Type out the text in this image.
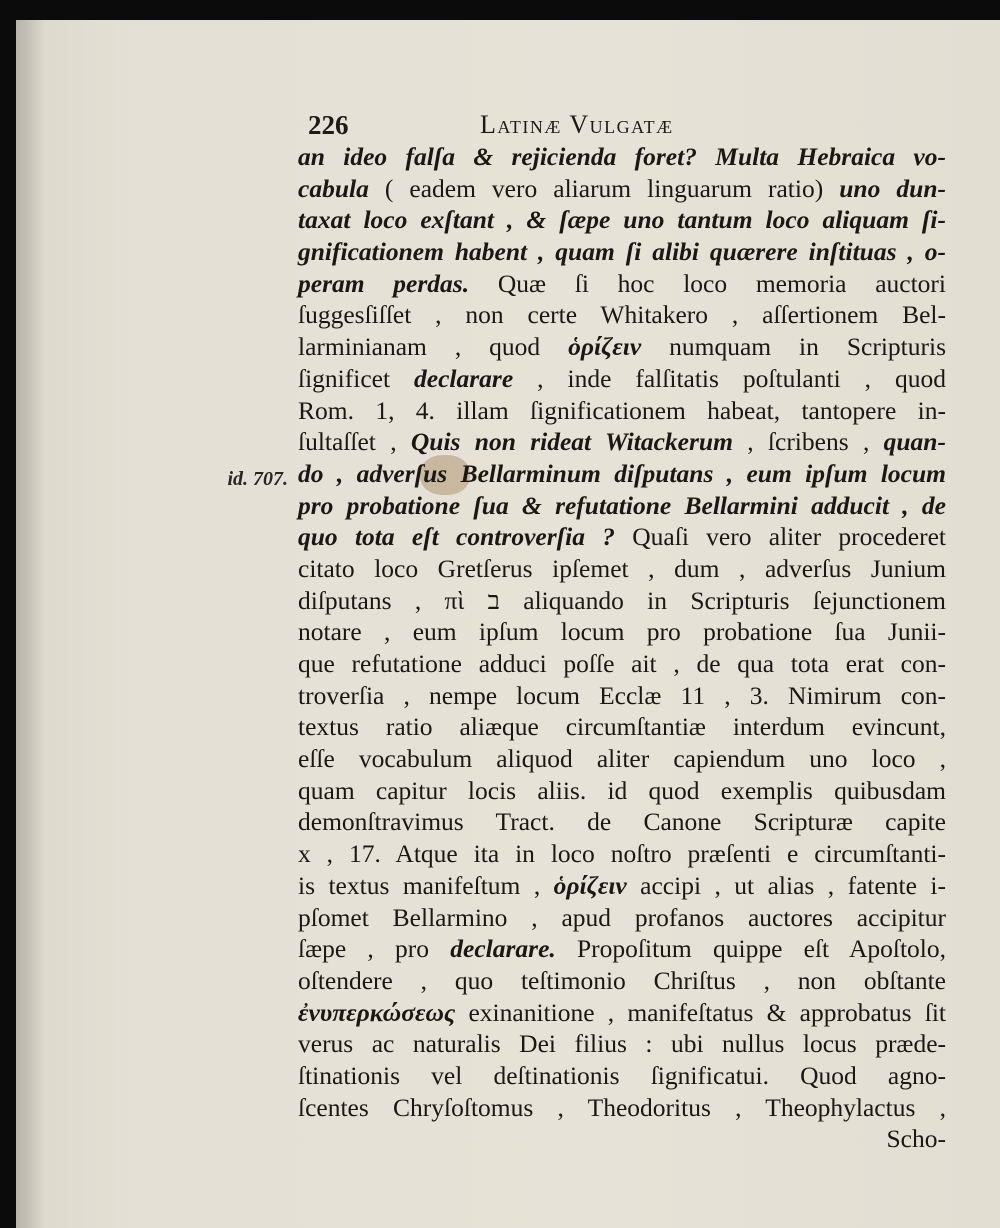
226	Latinæ Vulgatæ
id. 707.
an ideo falſa & rejicienda foret? Multa Hebraica vo-
cabula ( eadem vero aliarum linguarum ratio) uno dun-
taxat loco exſtant , & ſæpe uno tantum loco aliquam ſi-
gnificationem habent , quam ſi alibi quærere inſtituas , o-
peram perdas. Quæ ſi hoc loco memoria auctori
ſuggesſiſſet , non certe Whitakero , aſſertionem Bel-
larminianam , quod ὁρίζειν numquam in Scripturis
ſignificet declarare , inde falſitatis poſtulanti , quod
Rom. 1, 4. illam ſignificationem habeat, tantopere in-
ſultaſſet , Quis non rideat Witackerum , ſcribens , quan-
do , adverſus Bellarminum diſputans , eum ipſum locum
pro probatione ſua & refutatione Bellarmini adducit , de
quo tota eſt controverſia ? Quaſi vero aliter procederet
citato loco Gretſerus ipſemet , dum , adverſus Junium
diſputans , πὶ ב aliquando in Scripturis ſejunctionem
notare , eum ipſum locum pro probatione ſua Junii-
que refutatione adduci poſſe ait , de qua tota erat con-
troverſia , nempe locum Ecclæ 11 , 3. Nimirum con-
textus ratio aliæque circumſtantiæ interdum evincunt,
eſſe vocabulum aliquod aliter capiendum uno loco ,
quam capitur locis aliis. id quod exemplis quibusdam
demonſtravimus Tract. de Canone Scripturæ capite
x , 17. Atque ita in loco noſtro præſenti e circumſtanti-
is textus manifeſtum , ὁρίζειν accipi , ut alias , fatente i-
pſomet Bellarmino , apud profanos auctores accipitur
ſæpe , pro declarare. Propoſitum quippe eſt Apoſtolo,
oſtendere , quo teſtimonio Chriſtus , non obſtante
ἐνυπερκώσεως exinanitione , manifeſtatus & approbatus ſit
verus ac naturalis Dei filius : ubi nullus locus præde-
ſtinationis vel deſtinationis ſignificatui. Quod agno-
ſcentes Chryſoſtomus , Theodoritus , Theophylactus ,
Scho-
